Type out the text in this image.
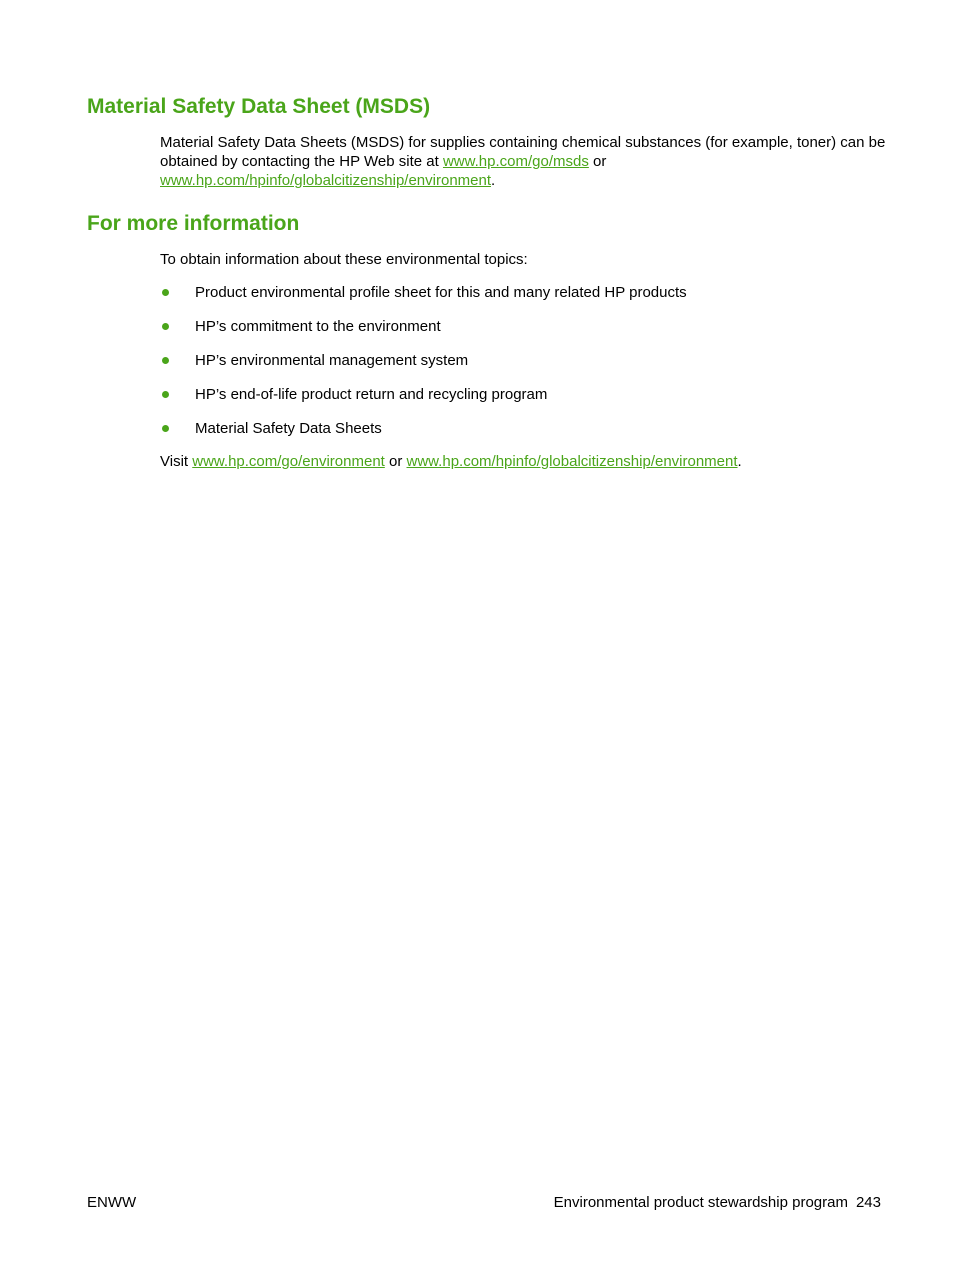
Material Safety Data Sheet (MSDS)

Material Safety Data Sheets (MSDS) for supplies containing chemical substances (for example, toner) can be obtained by contacting the HP Web site at www.hp.com/go/msds or www.hp.com/hpinfo/globalcitizenship/environment.

For more information

To obtain information about these environmental topics:

Product environmental profile sheet for this and many related HP products
HP’s commitment to the environment
HP’s environmental management system
HP’s end-of-life product return and recycling program
Material Safety Data Sheets

Visit www.hp.com/go/environment or www.hp.com/hpinfo/globalcitizenship/environment.

ENWW	Environmental product stewardship program 243
